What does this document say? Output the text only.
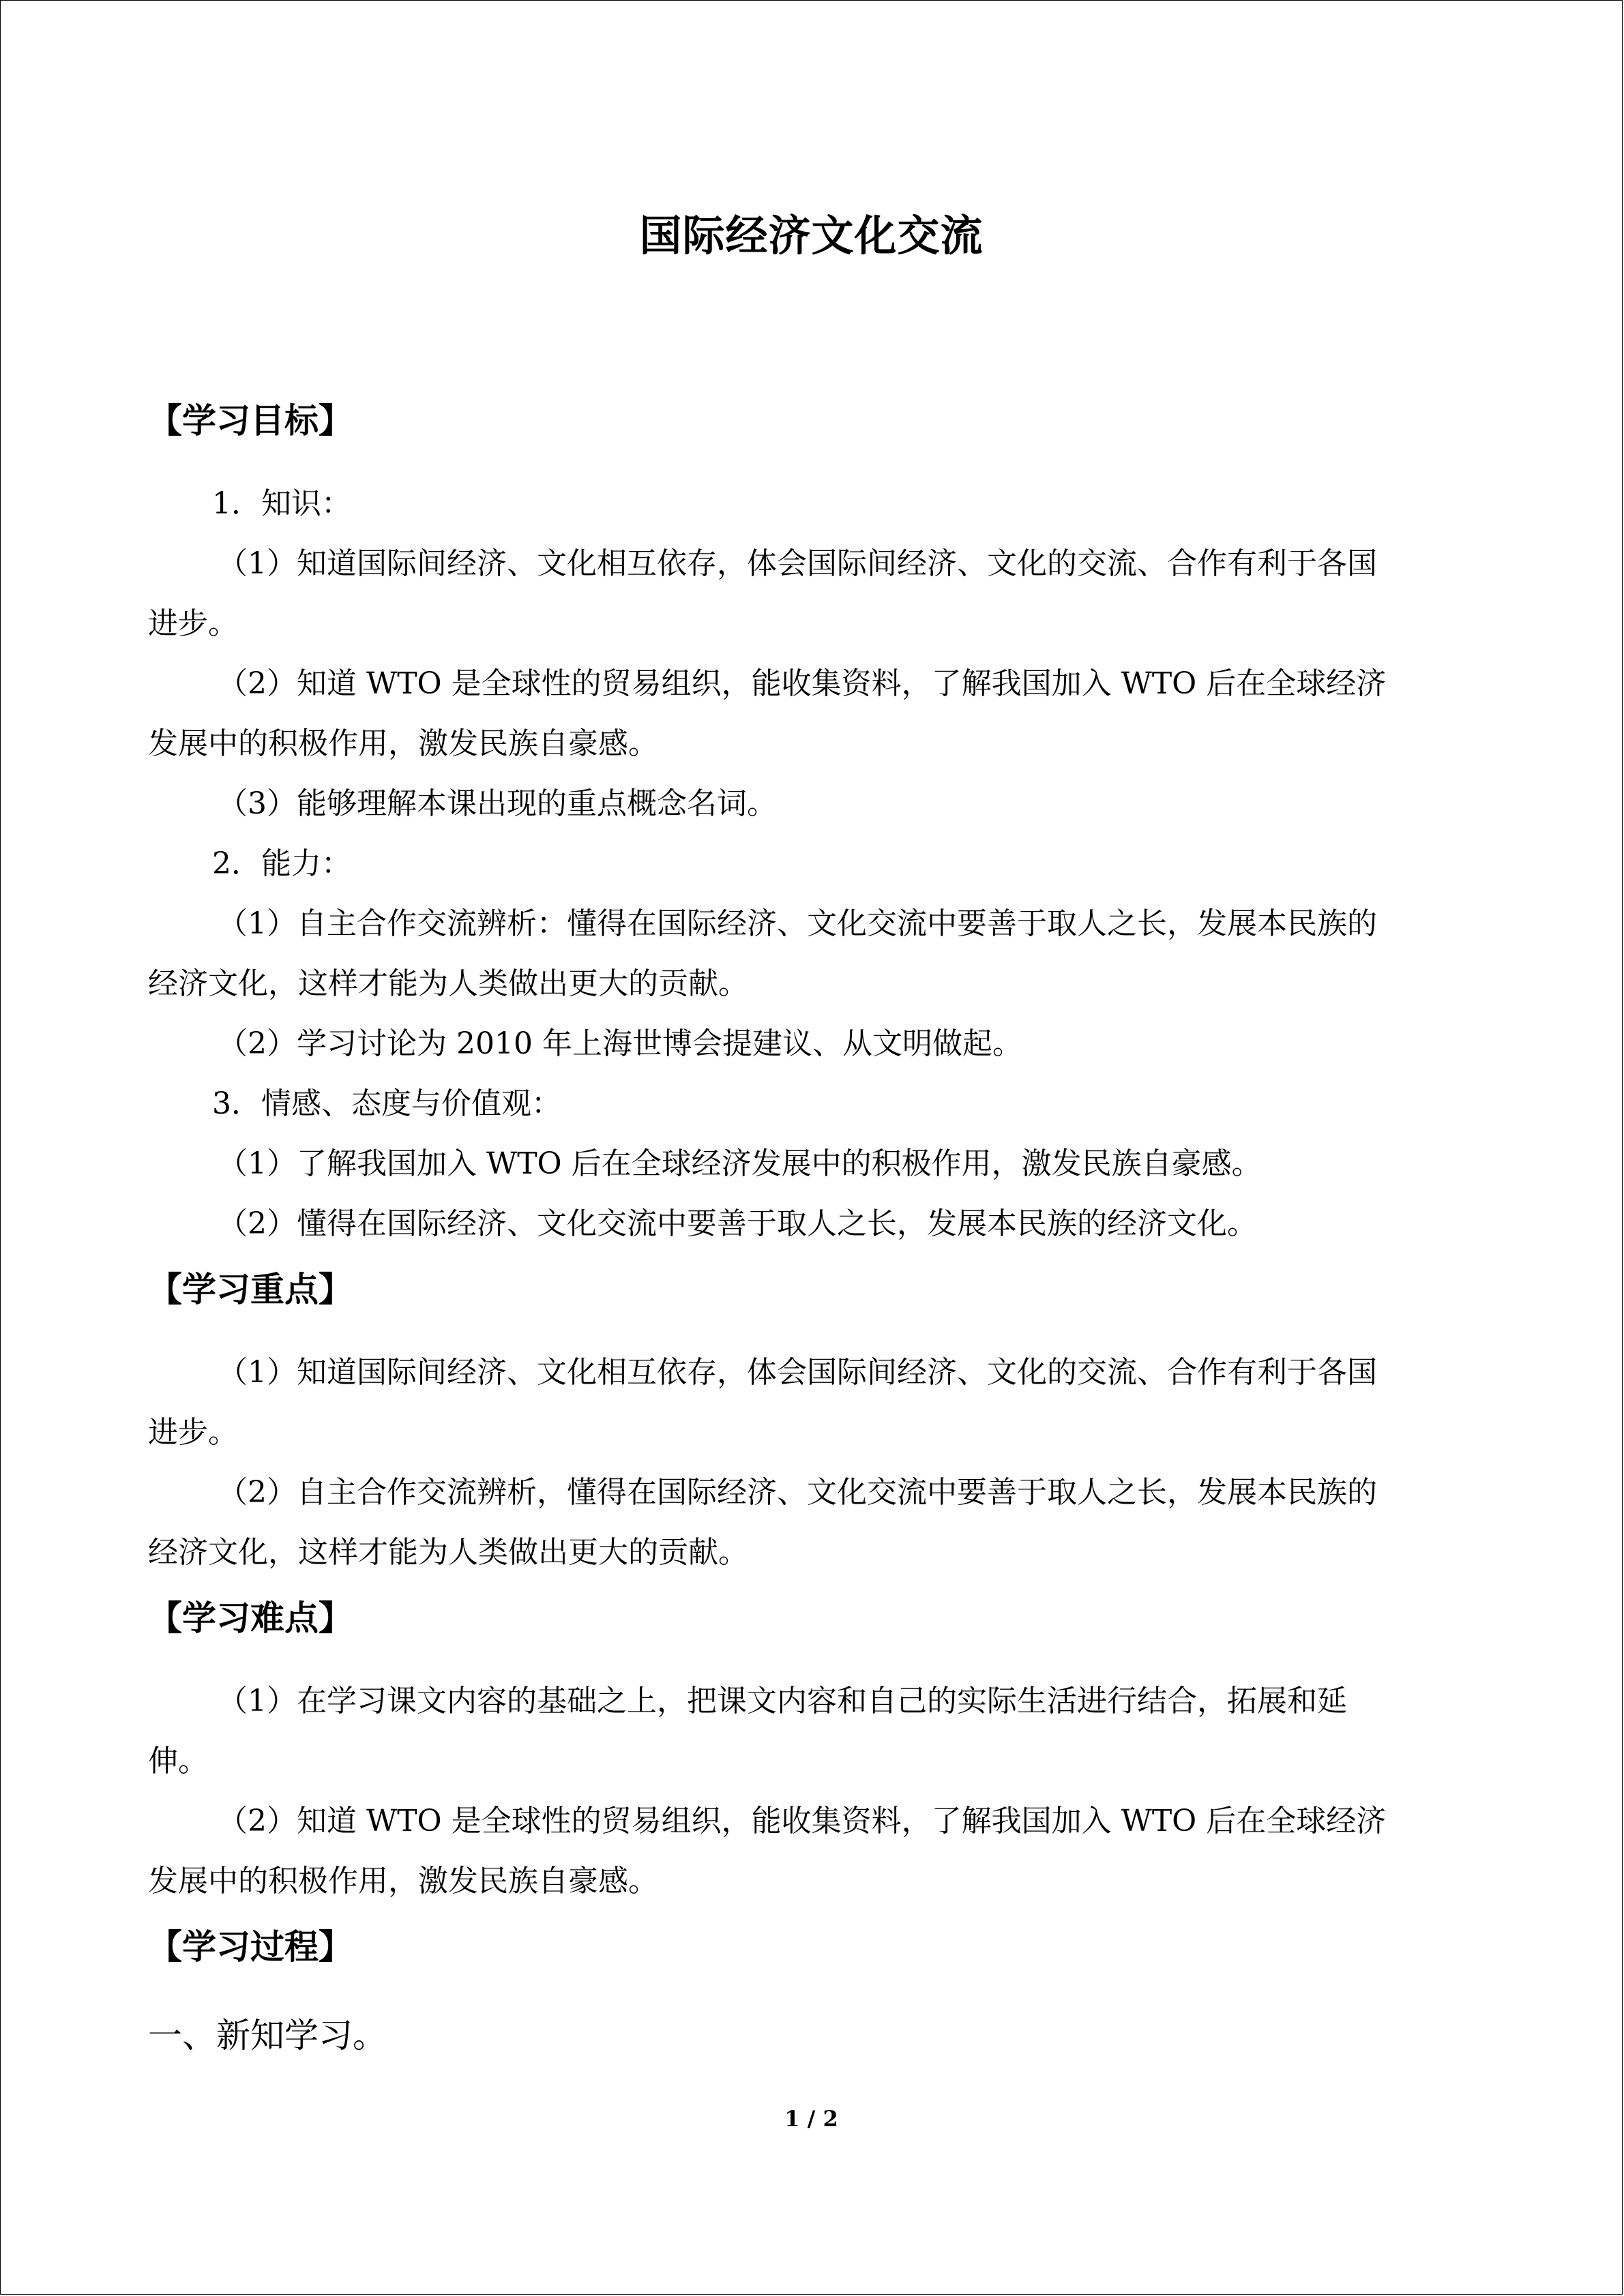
国际经济文化交流
【学习目标】
1．知识：
（1）知道国际间经济、文化相互依存，体会国际间经济、文化的交流、合作有利于各国
进步。
（2）知道 WTO 是全球性的贸易组织，能收集资料，了解我国加入 WTO 后在全球经济
发展中的积极作用，激发民族自豪感。
（3）能够理解本课出现的重点概念名词。
2．能力：
（1）自主合作交流辨析：懂得在国际经济、文化交流中要善于取人之长，发展本民族的
经济文化，这样才能为人类做出更大的贡献。
（2）学习讨论为 2010 年上海世博会提建议、从文明做起。
3．情感、态度与价值观：
（1）了解我国加入 WTO 后在全球经济发展中的积极作用，激发民族自豪感。
（2）懂得在国际经济、文化交流中要善于取人之长，发展本民族的经济文化。
【学习重点】
（1）知道国际间经济、文化相互依存，体会国际间经济、文化的交流、合作有利于各国
进步。
（2）自主合作交流辨析，懂得在国际经济、文化交流中要善于取人之长，发展本民族的
经济文化，这样才能为人类做出更大的贡献。
【学习难点】
（1）在学习课文内容的基础之上，把课文内容和自己的实际生活进行结合，拓展和延
伸。
（2）知道 WTO 是全球性的贸易组织，能收集资料，了解我国加入 WTO 后在全球经济
发展中的积极作用，激发民族自豪感。
【学习过程】
一、新知学习。
1 / 2
